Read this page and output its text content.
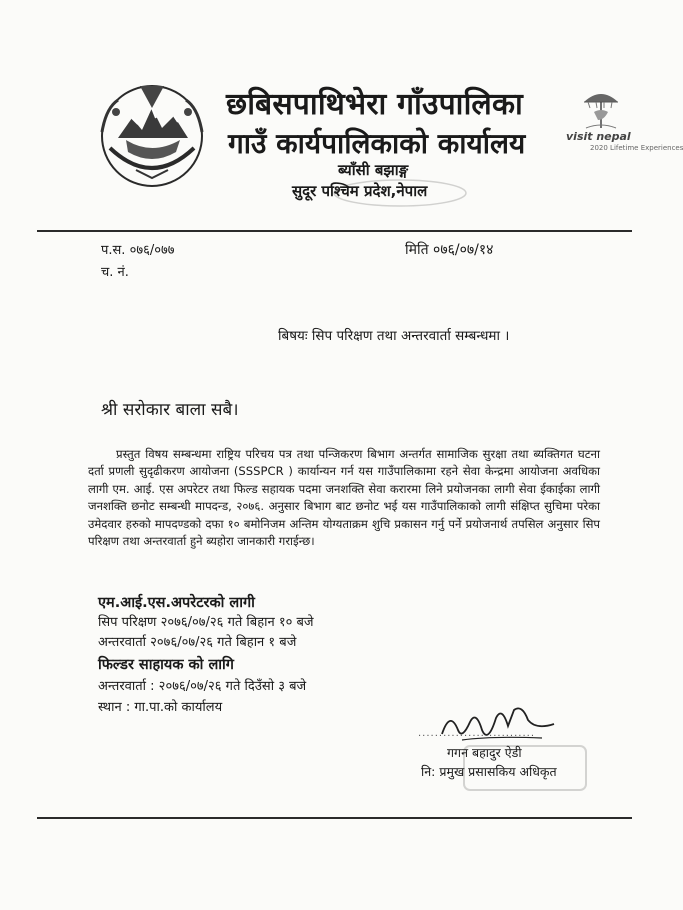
छबिसपाथिभेरा गाँउपालिका
गाउँ कार्यपालिकाको कार्यालय
ब्याँसी बझाङ्ग
सुदूर पश्चिम प्रदेश,नेपाल
visit nepal
2020 Lifetime Experiences
प.स. ०७६/०७७
च. नं.
मिति ०७६/०७/१४
बिषयः सिप परिक्षण तथा अन्तरवार्ता सम्बन्धमा ।
श्री सरोकार बाला सबै।
प्रस्तुत विषय सम्बन्धमा राष्ट्रिय परिचय पत्र तथा पन्जिकरण बिभाग अन्तर्गत सामाजिक सुरक्षा तथा ब्यक्तिगत घटना दर्ता प्रणली सुदृढीकरण आयोजना (SSSPCR ) कार्यान्यन गर्न यस गाउँपालिकामा रहने सेवा केन्द्रमा आयोजना अवधिका लागी एम. आई. एस अपरेटर तथा फिल्ड सहायक पदमा जनशक्ति सेवा करारमा लिने प्रयोजनका लागी सेवा ईकाईका लागी जनशक्ति छनोट सम्बन्धी मापदन्ड, २०७६. अनुसार बिभाग बाट छनोट भई यस गाउँपालिकाको लागी संक्षिप्त सुचिमा परेका उमेदवार हरुको मापदण्डको दफा १० बमोनिजम अन्तिम योग्यताक्रम शुचि प्रकासन गर्नु पर्ने प्रयोजनार्थ तपसिल अनुसार सिप परिक्षण तथा अन्तरवार्ता हुने ब्यहोरा जानकारी गराईन्छ।
एम.आई.एस.अपरेटरको लागी
सिप परिक्षण २०७६/०७/२६ गते बिहान १० बजे
अन्तरवार्ता २०७६/०७/२६ गते बिहान १ बजे
फिल्डर साहायक को लागि
अन्तरवार्ता : २०७६/०७/२६ गते दिउँसो ३ बजे
स्थान : गा.पा.को कार्यालय
............................
गगन बहादुर ऐडी
नि: प्रमुख प्रसासकिय अधिकृत
